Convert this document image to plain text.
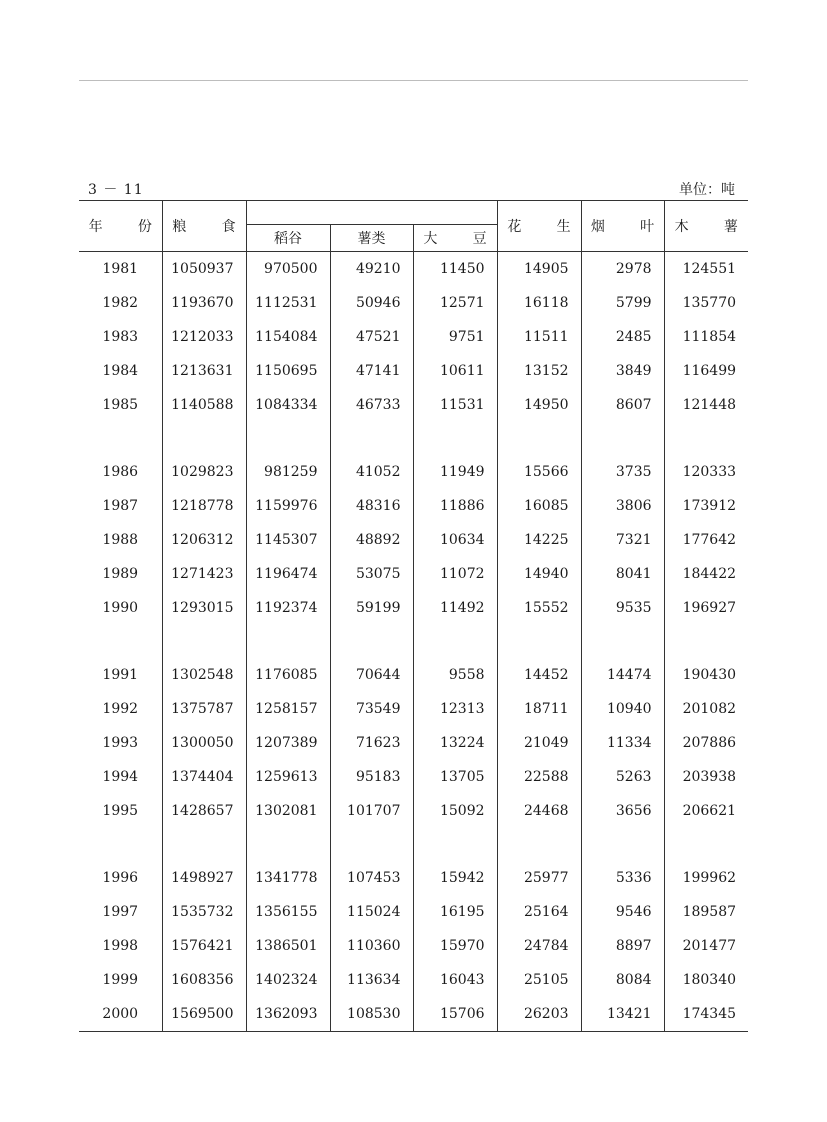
3 － 11	单位：吨
年 份	粮 食				花 生	烟 叶	木 薯
		稻谷	薯类	大 豆			
1981	1050937	970500	49210	11450	14905	2978	124551
1982	1193670	1112531	50946	12571	16118	5799	135770
1983	1212033	1154084	47521	9751	11511	2485	111854
1984	1213631	1150695	47141	10611	13152	3849	116499
1985	1140588	1084334	46733	11531	14950	8607	121448

1986	1029823	981259	41052	11949	15566	3735	120333
1987	1218778	1159976	48316	11886	16085	3806	173912
1988	1206312	1145307	48892	10634	14225	7321	177642
1989	1271423	1196474	53075	11072	14940	8041	184422
1990	1293015	1192374	59199	11492	15552	9535	196927

1991	1302548	1176085	70644	9558	14452	14474	190430
1992	1375787	1258157	73549	12313	18711	10940	201082
1993	1300050	1207389	71623	13224	21049	11334	207886
1994	1374404	1259613	95183	13705	22588	5263	203938
1995	1428657	1302081	101707	15092	24468	3656	206621

1996	1498927	1341778	107453	15942	25977	5336	199962
1997	1535732	1356155	115024	16195	25164	9546	189587
1998	1576421	1386501	110360	15970	24784	8897	201477
1999	1608356	1402324	113634	16043	25105	8084	180340
2000	1569500	1362093	108530	15706	26203	13421	174345
